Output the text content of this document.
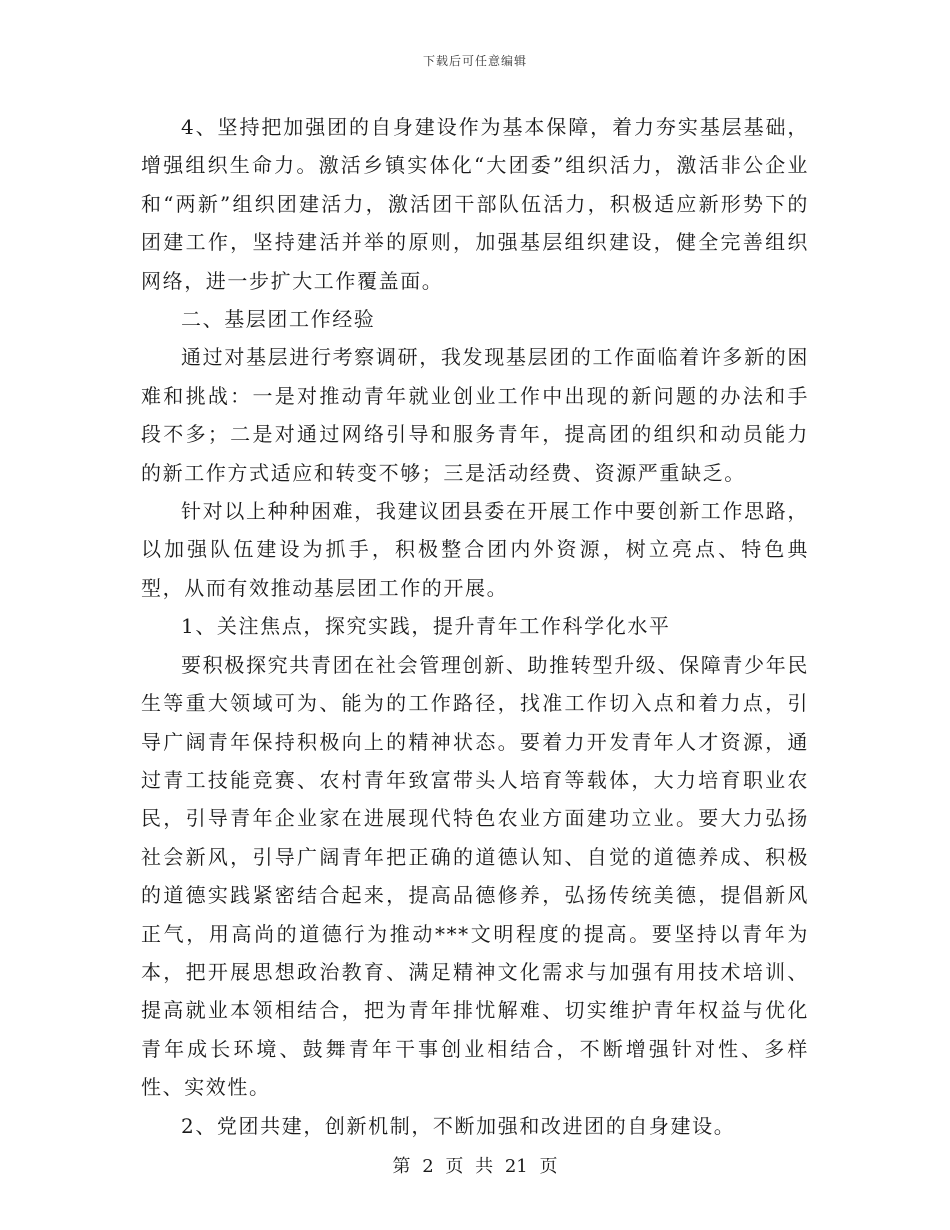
下载后可任意编辑

4、坚持把加强团的自身建设作为基本保障，着力夯实基层基础，增强组织生命力。激活乡镇实体化“大团委”组织活力，激活非公企业和“两新”组织团建活力，激活团干部队伍活力，积极适应新形势下的团建工作，坚持建活并举的原则，加强基层组织建设，健全完善组织网络，进一步扩大工作覆盖面。

二、基层团工作经验

通过对基层进行考察调研，我发现基层团的工作面临着许多新的困难和挑战：一是对推动青年就业创业工作中出现的新问题的办法和手段不多；二是对通过网络引导和服务青年，提高团的组织和动员能力的新工作方式适应和转变不够；三是活动经费、资源严重缺乏。

针对以上种种困难，我建议团县委在开展工作中要创新工作思路，以加强队伍建设为抓手，积极整合团内外资源，树立亮点、特色典型，从而有效推动基层团工作的开展。

1、关注焦点，探究实践，提升青年工作科学化水平

要积极探究共青团在社会管理创新、助推转型升级、保障青少年民生等重大领域可为、能为的工作路径，找准工作切入点和着力点，引导广阔青年保持积极向上的精神状态。要着力开发青年人才资源，通过青工技能竞赛、农村青年致富带头人培育等载体，大力培育职业农民，引导青年企业家在进展现代特色农业方面建功立业。要大力弘扬社会新风，引导广阔青年把正确的道德认知、自觉的道德养成、积极的道德实践紧密结合起来，提高品德修养，弘扬传统美德，提倡新风正气，用高尚的道德行为推动***文明程度的提高。要坚持以青年为本，把开展思想政治教育、满足精神文化需求与加强有用技术培训、提高就业本领相结合，把为青年排忧解难、切实维护青年权益与优化青年成长环境、鼓舞青年干事创业相结合，不断增强针对性、多样性、实效性。

2、党团共建，创新机制，不断加强和改进团的自身建设。

第 2 页 共 21 页
